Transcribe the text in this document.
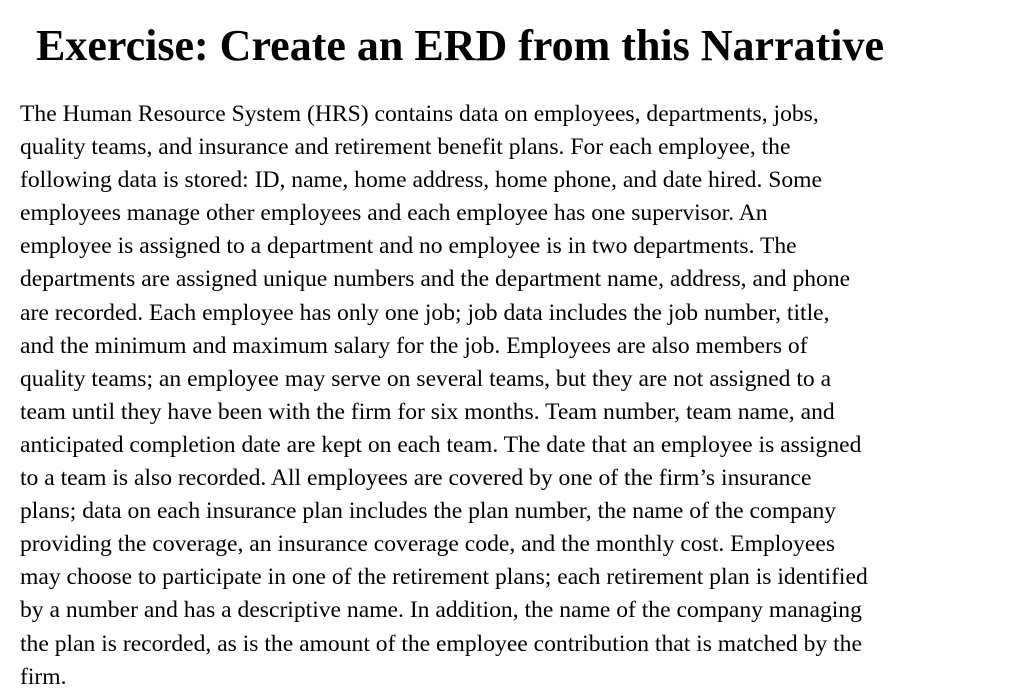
Exercise: Create an ERD from this Narrative

The Human Resource System (HRS) contains data on employees, departments, jobs,
quality teams, and insurance and retirement benefit plans. For each employee, the
following data is stored: ID, name, home address, home phone, and date hired. Some
employees manage other employees and each employee has one supervisor. An
employee is assigned to a department and no employee is in two departments. The
departments are assigned unique numbers and the department name, address, and phone
are recorded. Each employee has only one job; job data includes the job number, title,
and the minimum and maximum salary for the job. Employees are also members of
quality teams; an employee may serve on several teams, but they are not assigned to a
team until they have been with the firm for six months. Team number, team name, and
anticipated completion date are kept on each team. The date that an employee is assigned
to a team is also recorded. All employees are covered by one of the firm’s insurance
plans; data on each insurance plan includes the plan number, the name of the company
providing the coverage, an insurance coverage code, and the monthly cost. Employees
may choose to participate in one of the retirement plans; each retirement plan is identified
by a number and has a descriptive name. In addition, the name of the company managing
the plan is recorded, as is the amount of the employee contribution that is matched by the
firm.
